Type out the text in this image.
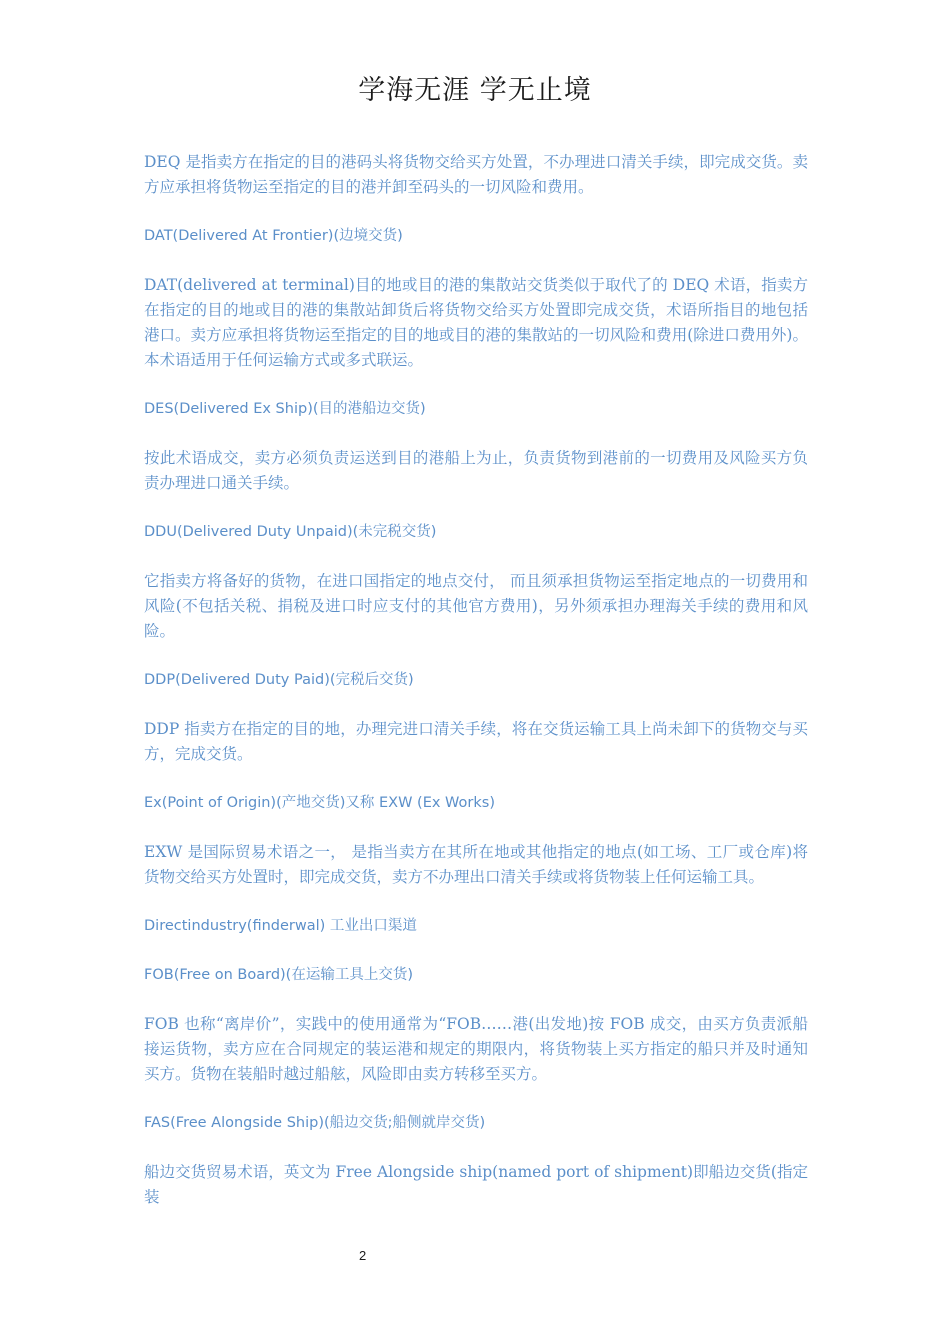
学海无涯 学无止境

DEQ 是指卖方在指定的目的港码头将货物交给买方处置，不办理进口清关手续，即完成交货。卖方应承担将货物运至指定的目的港并卸至码头的一切风险和费用。

DAT(Delivered At Frontier)(边境交货)

DAT(delivered at terminal)目的地或目的港的集散站交货类似于取代了的 DEQ 术语，指卖方在指定的目的地或目的港的集散站卸货后将货物交给买方处置即完成交货，术语所指目的地包括港口。卖方应承担将货物运至指定的目的地或目的港的集散站的一切风险和费用(除进口费用外)。本术语适用于任何运输方式或多式联运。

DES(Delivered Ex Ship)(目的港船边交货)

按此术语成交，卖方必须负责运送到目的港船上为止，负责货物到港前的一切费用及风险买方负责办理进口通关手续。

DDU(Delivered Duty Unpaid)(未完税交货)

它指卖方将备好的货物，在进口国指定的地点交付， 而且须承担货物运至指定地点的一切费用和风险(不包括关税、捐税及进口时应支付的其他官方费用)，另外须承担办理海关手续的费用和风险。

DDP(Delivered Duty Paid)(完税后交货)

DDP 指卖方在指定的目的地，办理完进口清关手续，将在交货运输工具上尚未卸下的货物交与买方，完成交货。

Ex(Point of Origin)(产地交货)又称 EXW (Ex Works)

EXW 是国际贸易术语之一， 是指当卖方在其所在地或其他指定的地点(如工场、工厂或仓库)将货物交给买方处置时，即完成交货，卖方不办理出口清关手续或将货物装上任何运输工具。

Directindustry(finderwal) 工业出口渠道

FOB(Free on Board)(在运输工具上交货)

FOB 也称“离岸价”，实践中的使用通常为“FOB……港(出发地)按 FOB 成交，由买方负责派船接运货物，卖方应在合同规定的装运港和规定的期限内，将货物装上买方指定的船只并及时通知买方。货物在装船时越过船舷，风险即由卖方转移至买方。

FAS(Free Alongside Ship)(船边交货;船侧就岸交货)

船边交货贸易术语，英文为 Free Alongside ship(named port of shipment)即船边交货(指定装

2
